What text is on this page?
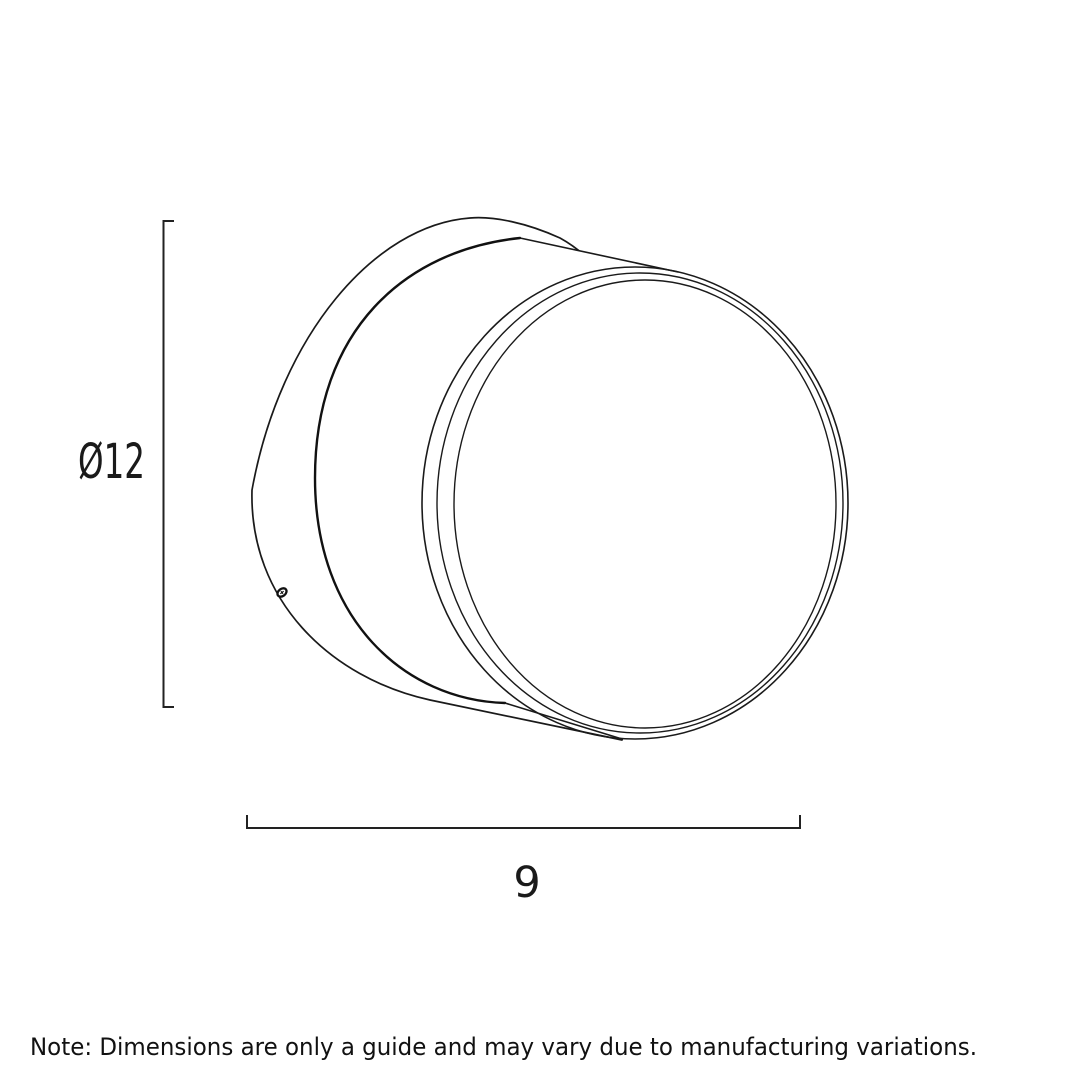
Ø12
9
Note: Dimensions are only a guide and may vary due to manufacturing variations.
